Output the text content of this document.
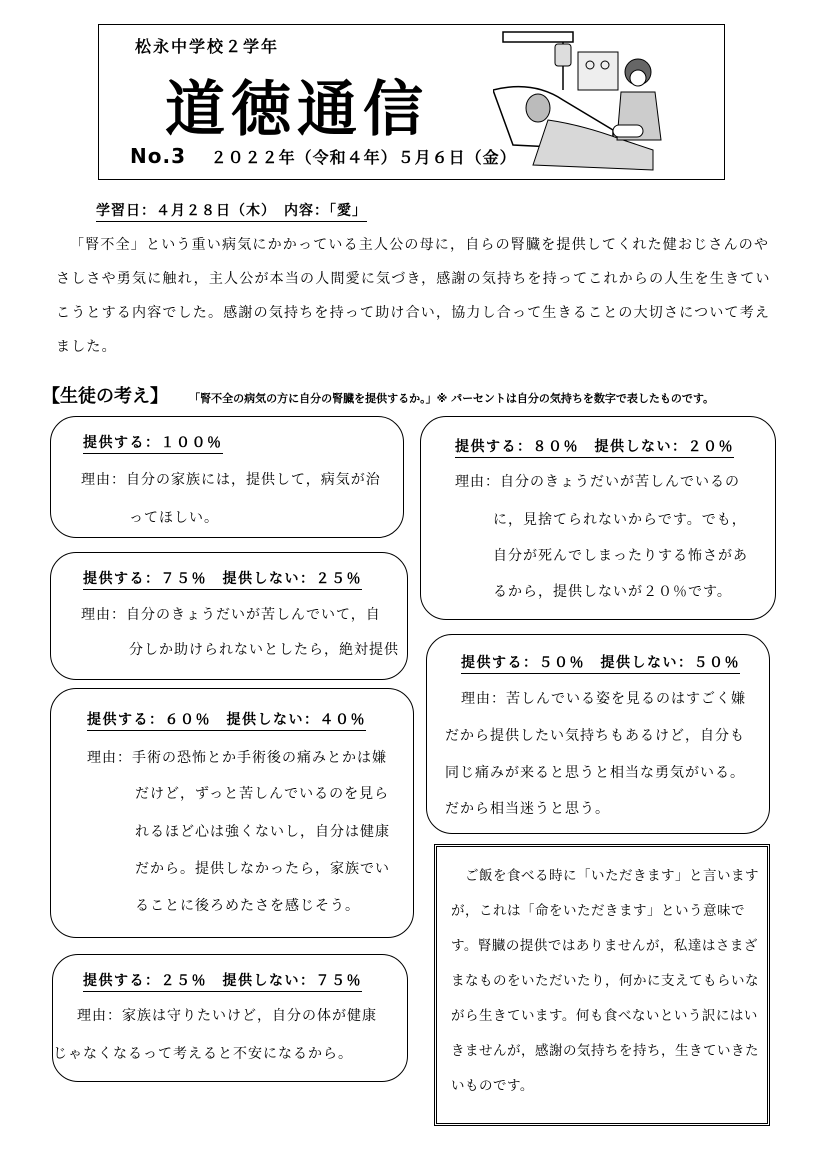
松永中学校２学年
道徳通信
No.3 ２０２２年（令和４年）５月６日（金）
学習日：４月２８日（木）　内容：「愛」
「腎不全」という重い病気にかかっている主人公の母に，自らの腎臓を提供してくれた健おじさんのやさしさや勇気に触れ，主人公が本当の人間愛に気づき，感謝の気持ちを持ってこれからの人生を生きていこうとする内容でした。感謝の気持ちを持って助け合い，協力し合って生きることの大切さについて考えました。
【生徒の考え】 「腎不全の病気の方に自分の腎臓を提供するか。」※ パーセントは自分の気持ちを数字で表したものです。
提供する：１００％
理由：自分の家族には，提供して，病気が治
っ​てほしい。
提供する：７５％　提供しない：２５％
理由：自分のきょうだいが苦しんでいて，自
分しか助けられないとしたら，絶対提供
提供する：６０％　提供しない：４０％
理由：手術の恐怖とか手術後の痛みとかは嫌
だけど，ずっと苦しんでいるのを見ら
れるほど心は強くないし，自分は健康
だから。提供しなかったら，家族でい
ることに後ろめたさを感じそう。
提供する：２５％　提供しない：７５％
理由：家族は守りたいけど，自分の体が健康
じゃなくなるって考えると不安になるから。
提供する：８０％　提供しない：２０％
理由：自分のきょうだいが苦しんでいるの
に，見捨てられないからです。でも，
自分が死んでしまったりする怖さがあ
るから，提供しないが２０％です。
提供する：５０％　提供しない：５０％
理由：苦しんでいる姿を見るのはすごく嫌
だから提供したい気持ちもあるけど，自分も
同じ痛みが来ると思うと相当な勇気がいる。
だから相当迷うと思う。
ご飯を食べる時に「いただきます」と言いますが，これは「命をいただきます」という意味です。腎臓の提供ではありませんが，私達はさまざまなものをいただいたり，何かに支えてもらいながら生きています。何も食べないという訳にはいきませんが，感謝の気持ちを持ち，生きていきたいものです。
